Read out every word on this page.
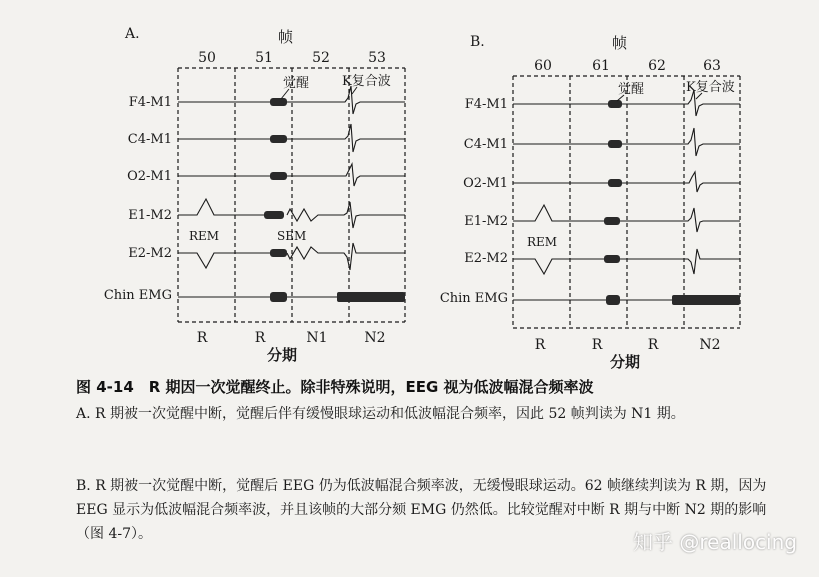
A.	帧
50	51	52	53
F4-M1
C4-M1
O2-M1
E1-M2
E2-M2
Chin EMG
觉醒	K复合波
REM	SEM
R	R	N1	N2
分期
B.	帧
60	61	62	63
F4-M1
C4-M1
O2-M1
E1-M2
E2-M2
Chin EMG
觉醒	K复合波
REM
R	R	R	N2
分期
图 4-14　R 期因一次觉醒终止。除非特殊说明，EEG 视为低波幅混合频率波
A. R 期被一次觉醒中断，觉醒后伴有缓慢眼球运动和低波幅混合频率，因此 52 帧判读为 N1 期。
B. R 期被一次觉醒中断，觉醒后 EEG 仍为低波幅混合频率波，无缓慢眼球运动。62 帧继续判读为 R 期，因为 EEG 显示为低波幅混合频率波，并且该帧的大部分颏 EMG 仍然低。比较觉醒对中断 R 期与中断 N2 期的影响（图 4-7）。	知乎 @reallocing
